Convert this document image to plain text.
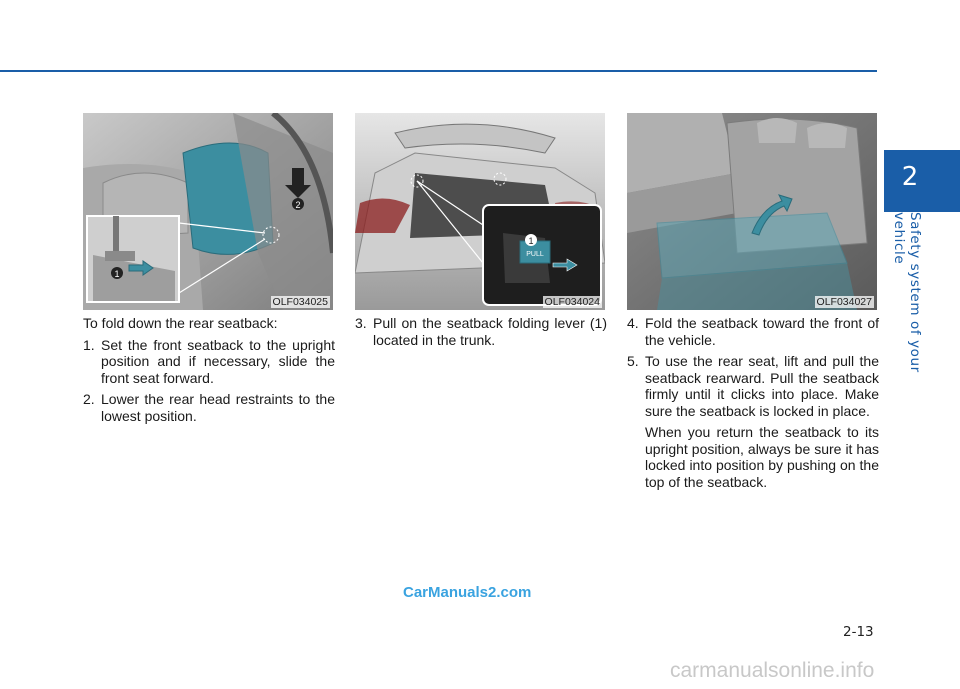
2
Safety system of your vehicle
2
1
OLF034025
PULL
1
OLF034024	OLF034027

To fold down the rear seatback:

1. Set the front seatback to the upright position and if necessary, slide the front seat forward.
2. Lower the rear head restraints to the lowest position.
3. Pull on the seatback folding lever (1) located in the trunk.
4. Fold the seatback toward the front of the vehicle.
5. To use the rear seat, lift and pull the seatback rearward. Pull the seatback firmly until it clicks into place. Make sure the seatback is locked in place.

When you return the seatback to its upright position, always be sure it has locked into position by pushing on the top of the seatback.

CarManuals2.com
2-13
carmanualsonline.info
